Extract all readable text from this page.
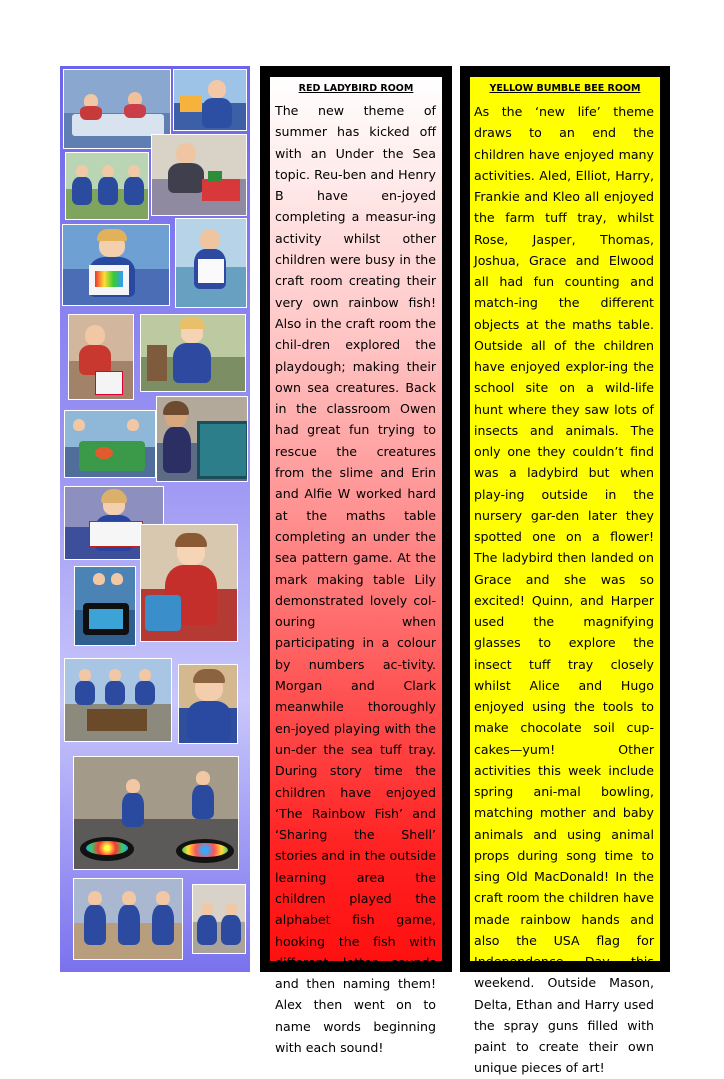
RED LADYBIRD ROOM

The new theme of summer has kicked off with an Under the Sea topic. Reu-ben and Henry B have en-joyed completing a measur-ing activity whilst other children were busy in the craft room creating their very own rainbow fish! Also in the craft room the chil-dren explored the playdough; making their own sea creatures. Back in the classroom Owen had great fun trying to rescue the creatures from the slime and Erin and Alfie W worked hard at the maths table completing an under the sea pattern game. At the mark making table Lily demonstrated lovely col-ouring when participating in a colour by numbers ac-tivity. Morgan and Clark meanwhile thoroughly en-joyed playing with the un-der the sea tuff tray. During story time the children have enjoyed ‘The Rainbow Fish’ and ‘Sharing the Shell’ stories and in the outside learning area the children played the alphabet fish game, hooking the fish with different letter sounds and then naming them! Alex then went on to name words beginning with each sound!

YELLOW BUMBLE BEE ROOM

As the ‘new life’ theme draws to an end the children have enjoyed many activities. Aled, Elliot, Harry, Frankie and Kleo all enjoyed the farm tuff tray, whilst Rose, Jasper, Thomas, Joshua, Grace and Elwood all had fun counting and match-ing the different objects at the maths table. Outside all of the children have enjoyed explor-ing the school site on a wild-life hunt where they saw lots of insects and animals. The only one they couldn’t find was a ladybird but when play-ing outside in the nursery gar-den later they spotted one on a flower! The ladybird then landed on Grace and she was so excited! Quinn, and Harper used the magnifying glasses to explore the insect tuff tray closely whilst Alice and Hugo enjoyed using the tools to make chocolate soil cup-cakes—yum! Other activities this week include spring ani-mal bowling, matching mother and baby animals and using animal props during song time to sing Old MacDonald! In the craft room the children have made rainbow hands and also the USA flag for Independence Day this weekend. Outside Mason, Delta, Ethan and Harry used the spray guns filled with paint to create their own unique pieces of art!
